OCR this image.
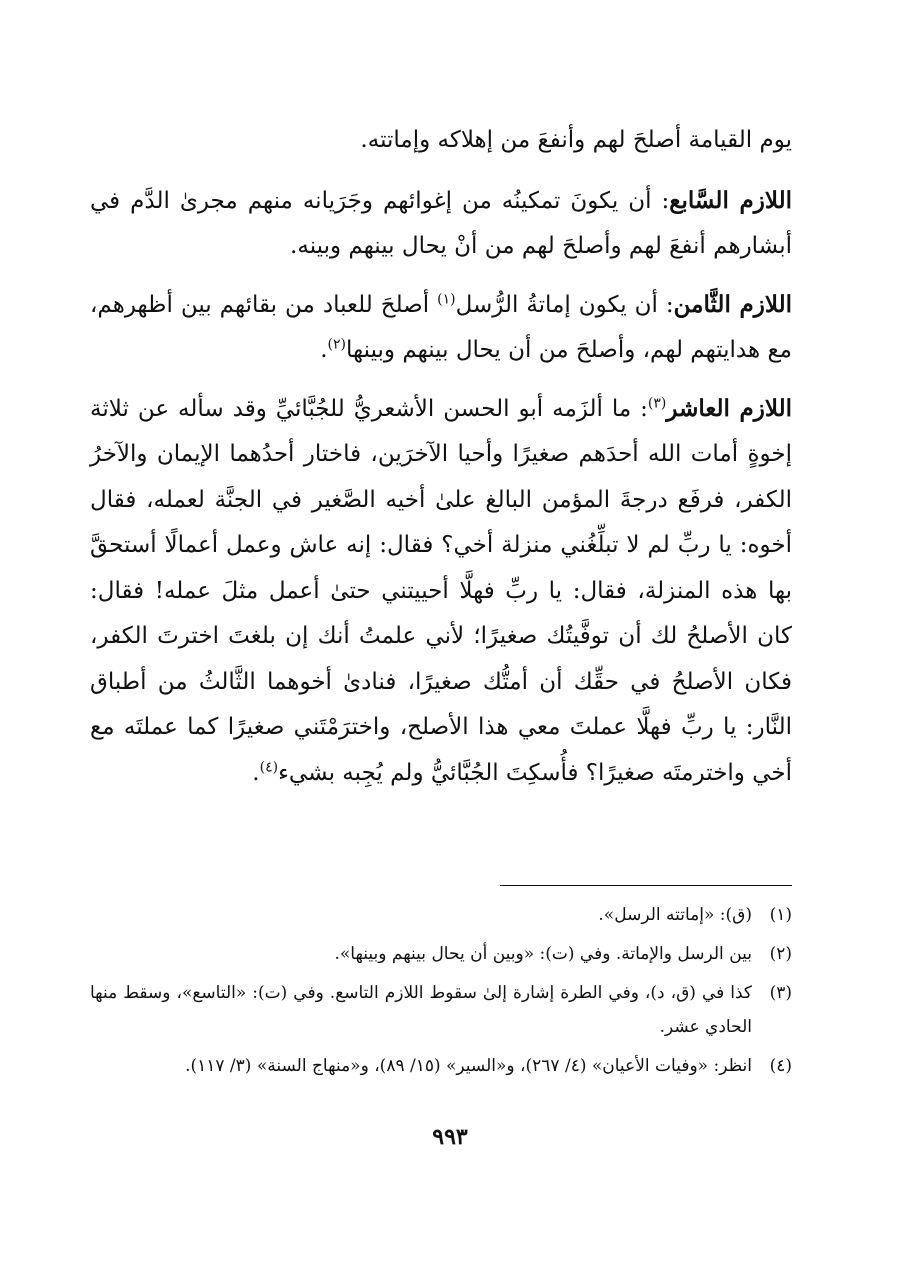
يوم القيامة أصلحَ لهم وأنفعَ من إهلاكه وإماتته.

اللازم السَّابع: أن يكونَ تمكينُه من إغوائهم وجَرَيانه منهم مجرىٰ الدَّم في أبشارهم أنفعَ لهم وأصلحَ لهم من أنْ يحال بينهم وبينه.

اللازم الثَّامن: أن يكون إماتةُ الرُّسل$^{(١)}$ أصلحَ للعباد من بقائهم بين أظهرهم، مع هدايتهم لهم، وأصلحَ من أن يحال بينهم وبينها$^{(٢)}$.

اللازم العاشر$^{(٣)}$: ما ألزَمه أبو الحسن الأشعريُّ للجُبَّائيِّ وقد سأله عن ثلاثة إخوةٍ أمات الله أحدَهم صغيرًا وأحيا الآخرَين، فاختار أحدُهما الإيمان والآخرُ الكفر، فرفَع درجةَ المؤمن البالغ علىٰ أخيه الصَّغير في الجنَّة لعمله، فقال أخوه: يا ربِّ لم لا تبلِّغُني منزلة أخي؟ فقال: إنه عاش وعمل أعمالًا أستحقَّ بها هذه المنزلة، فقال: يا ربِّ فهلَّا أحييتني حتىٰ أعمل مثلَ عمله! فقال: كان الأصلحُ لك أن توفَّيتُك صغيرًا؛ لأني علمتُ أنك إن بلغتَ اخترتَ الكفر، فكان الأصلحُ في حقِّك أن أمتُّك صغيرًا، فنادىٰ أخوهما الثَّالثُ من أطباق النَّار: يا ربِّ فهلَّا عملتَ معي هذا الأصلح، واخترَمْتَني صغيرًا كما عملتَه مع أخي واخترمتَه صغيرًا؟ فأُسكِتَ الجُبَّائيُّ ولم يُجِبه بشيء$^{(٤)}$.

(١)
(ق): «إماتته الرسل».
(٢)
بين الرسل والإماتة. وفي (ت): «وبين أن يحال بينهم وبينها».
(٣)
كذا في (ق، د)، وفي الطرة إشارة إلىٰ سقوط اللازم التاسع. وفي (ت): «التاسع»، وسقط منها الحادي عشر.
(٤)
انظر: «وفيات الأعيان» (٤/ ٢٦٧)، و«السير» (١٥/ ٨٩)، و«منهاج السنة» (٣/ ١١٧).
٩٩٣
